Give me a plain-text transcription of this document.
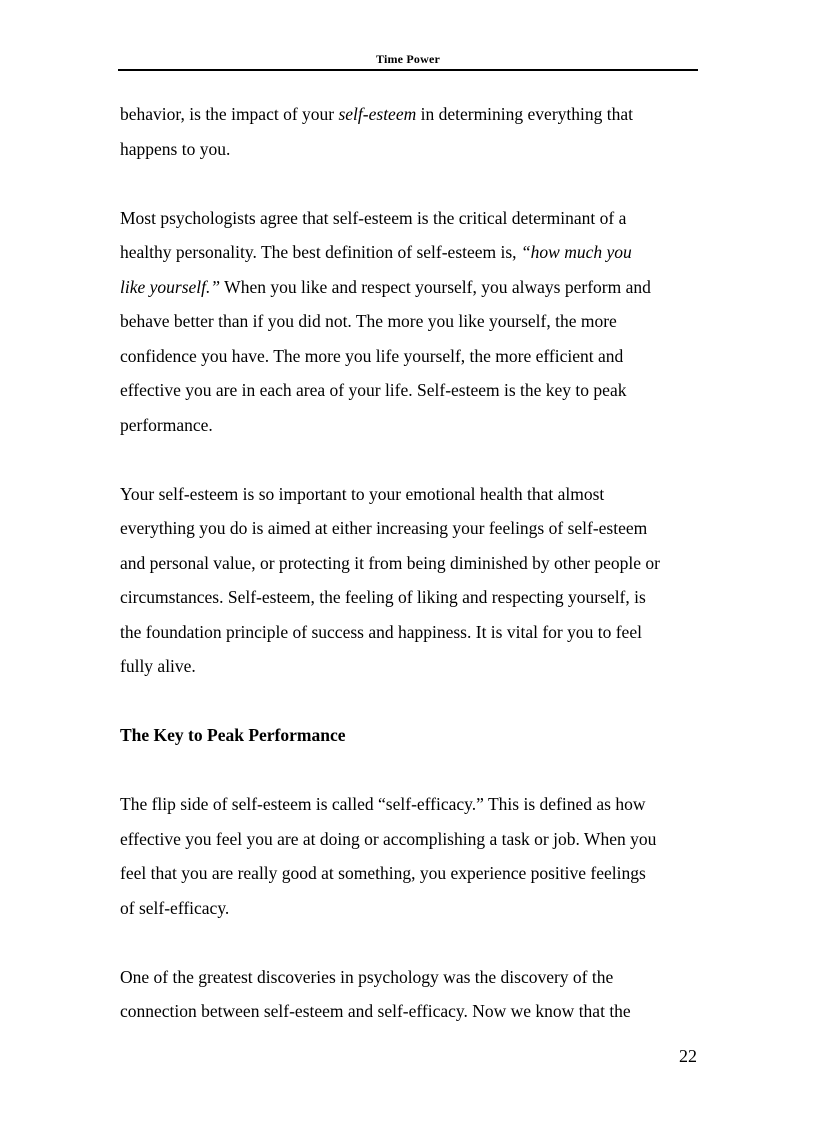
Time Power

behavior, is the impact of your self-esteem in determining everything that
happens to you.

Most psychologists agree that self-esteem is the critical determinant of a
healthy personality. The best definition of self-esteem is, “how much you
like yourself.” When you like and respect yourself, you always perform and
behave better than if you did not. The more you like yourself, the more
confidence you have. The more you life yourself, the more efficient and
effective you are in each area of your life. Self-esteem is the key to peak
performance.

Your self-esteem is so important to your emotional health that almost
everything you do is aimed at either increasing your feelings of self-esteem
and personal value, or protecting it from being diminished by other people or
circumstances. Self-esteem, the feeling of liking and respecting yourself, is
the foundation principle of success and happiness. It is vital for you to feel
fully alive.

The Key to Peak Performance

The flip side of self-esteem is called “self-efficacy.” This is defined as how
effective you feel you are at doing or accomplishing a task or job. When you
feel that you are really good at something, you experience positive feelings
of self-efficacy.

One of the greatest discoveries in psychology was the discovery of the
connection between self-esteem and self-efficacy. Now we know that the

22
